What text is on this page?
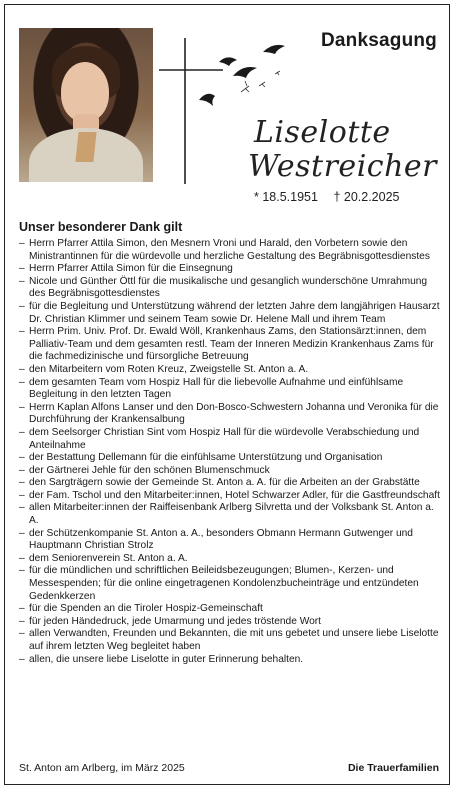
Danksagung
Liselotte
Westreicher
* 18.5.1951 † 20.2.2025
Unser besonderer Dank gilt
– Herrn Pfarrer Attila Simon, den Mesnern Vroni und Harald, den Vorbetern sowie den Ministrantinnen für die würdevolle und herzliche Gestaltung des Begräbnisgottesdienstes
– Herrn Pfarrer Attila Simon für die Einsegnung
– Nicole und Günther Öttl für die musikalische und gesanglich wunderschöne Umrahmung des Begräbnisgottesdienstes
– für die Begleitung und Unterstützung während der letzten Jahre dem langjährigen Hausarzt Dr. Christian Klimmer und seinem Team sowie Dr. Helene Mall und ihrem Team
– Herrn Prim. Univ. Prof. Dr. Ewald Wöll, Krankenhaus Zams, den Stationsärzt:innen, dem Palliativ-Team und dem gesamten restl. Team der Inneren Medizin Krankenhaus Zams für die fachmedizinische und fürsorgliche Betreuung
– den Mitarbeitern vom Roten Kreuz, Zweigstelle St. Anton a. A.
– dem gesamten Team vom Hospiz Hall für die liebevolle Aufnahme und einfühlsame Begleitung in den letzten Tagen
– Herrn Kaplan Alfons Lanser und den Don-Bosco-Schwestern Johanna und Veronika für die Durchführung der Krankensalbung
– dem Seelsorger Christian Sint vom Hospiz Hall für die würdevolle Verabschiedung und Anteilnahme
– der Bestattung Dellemann für die einfühlsame Unterstützung und Organisation
– der Gärtnerei Jehle für den schönen Blumenschmuck
– den Sargträgern sowie der Gemeinde St. Anton a. A. für die Arbeiten an der Grabstätte
– der Fam. Tschol und den Mitarbeiter:innen, Hotel Schwarzer Adler, für die Gastfreundschaft
– allen Mitarbeiter:innen der Raiffeisenbank Arlberg Silvretta und der Volksbank St. Anton a. A.
– der Schützenkompanie St. Anton a. A., besonders Obmann Hermann Gutwenger und Hauptmann Christian Strolz
– dem Seniorenverein St. Anton a. A.
– für die mündlichen und schriftlichen Beileidsbezeugungen; Blumen-, Kerzen- und Messespenden; für die online eingetragenen Kondolenzbucheinträge und entzündeten Gedenkkerzen
– für die Spenden an die Tiroler Hospiz-Gemeinschaft
– für jeden Händedruck, jede Umarmung und jedes tröstende Wort
– allen Verwandten, Freunden und Bekannten, die mit uns gebetet und unsere liebe Liselotte auf ihrem letzten Weg begleitet haben
– allen, die unsere liebe Liselotte in guter Erinnerung behalten.
St. Anton am Arlberg, im März 2025	Die Trauerfamilien
